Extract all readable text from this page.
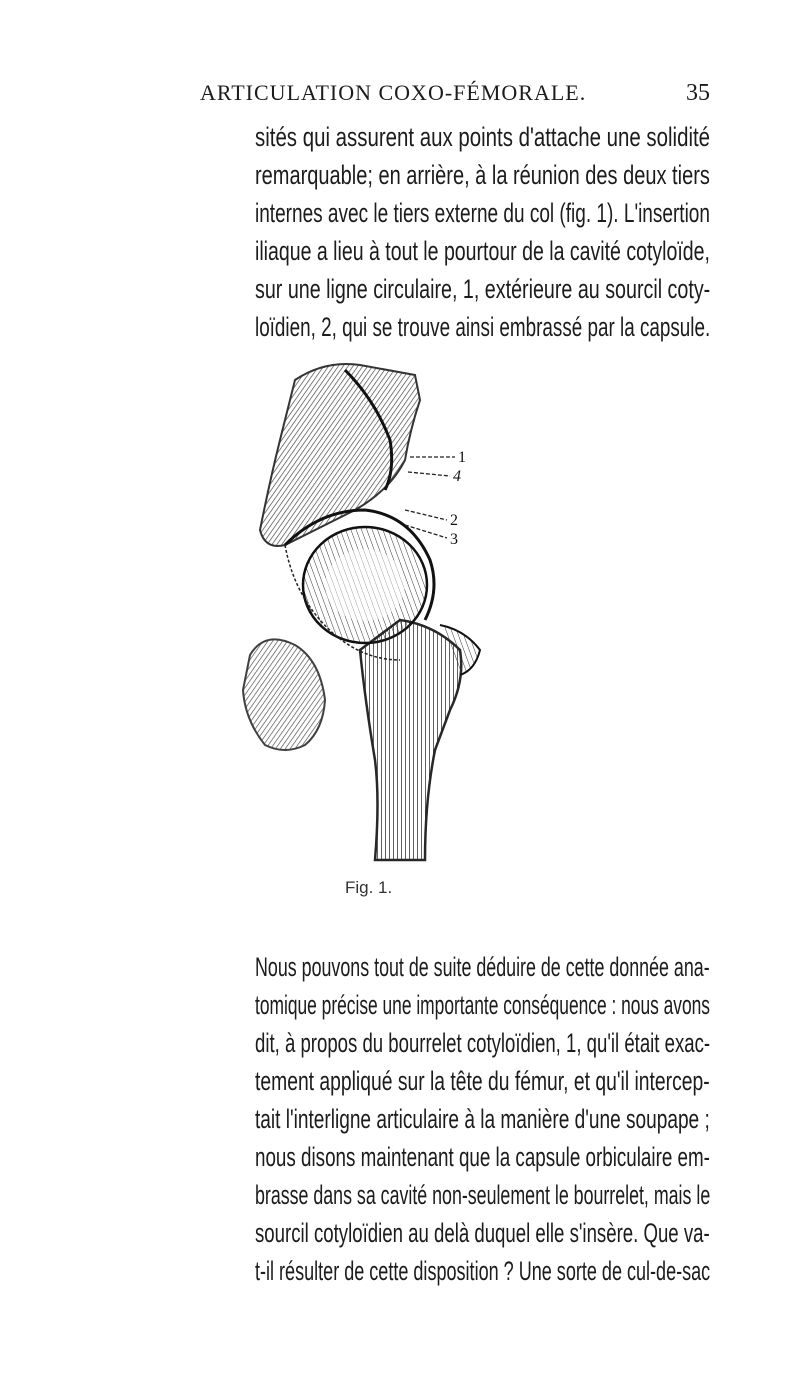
ARTICULATION COXO-FÉMORALE.	35
sités qui assurent aux points d'attache une solidité
remarquable; en arrière, à la réunion des deux tiers
internes avec le tiers externe du col (fig. 1). L'insertion
iliaque a lieu à tout le pourtour de la cavité cotyloïde,
sur une ligne circulaire, 1, extérieure au sourcil coty-
loïdien, 2, qui se trouve ainsi embrassé par la capsule.
1
4
2
3
Fig. 1.
Nous pouvons tout de suite déduire de cette donnée ana-
tomique précise une importante conséquence : nous avons
dit, à propos du bourrelet cotyloïdien, 1, qu'il était exac-
tement appliqué sur la tête du fémur, et qu'il intercep-
tait l'interligne articulaire à la manière d'une soupape ;
nous disons maintenant que la capsule orbiculaire em-
brasse dans sa cavité non-seulement le bourrelet, mais le
sourcil cotyloïdien au delà duquel elle s'insère. Que va-
t-il résulter de cette disposition ? Une sorte de cul-de-sac
